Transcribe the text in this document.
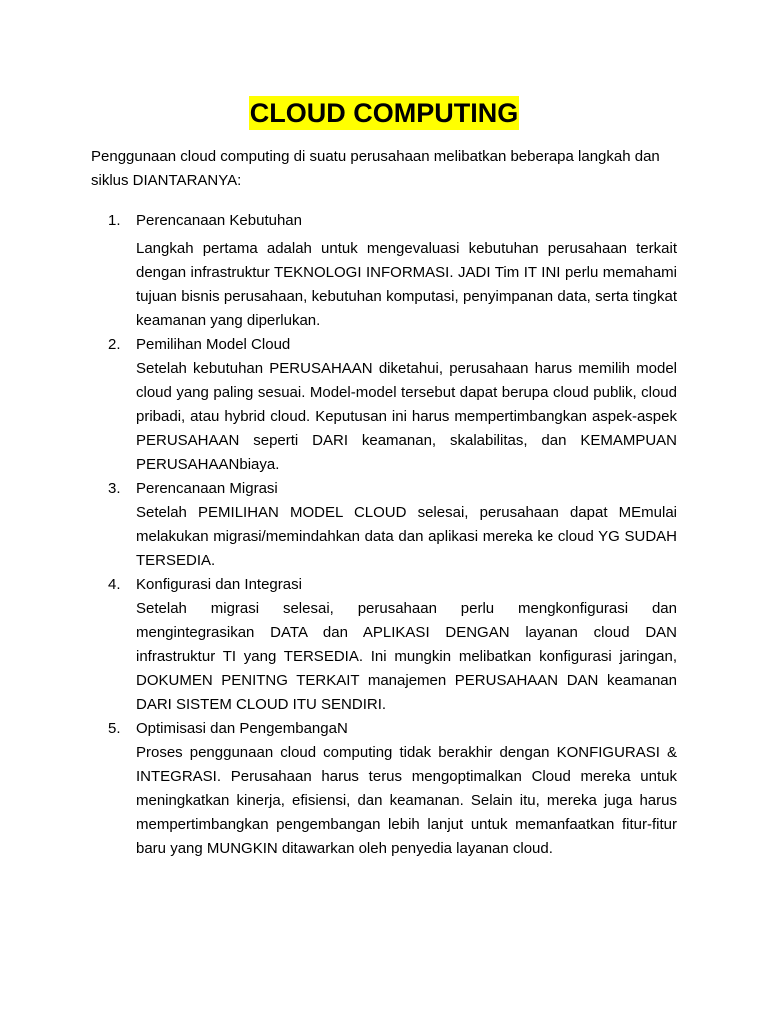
CLOUD COMPUTING

Penggunaan cloud computing di suatu perusahaan melibatkan beberapa langkah dan siklus DIANTARANYA:

1. Perencanaan Kebutuhan
Langkah pertama adalah untuk mengevaluasi kebutuhan perusahaan terkait dengan infrastruktur TEKNOLOGI INFORMASI. JADI Tim IT INI perlu memahami tujuan bisnis perusahaan, kebutuhan komputasi, penyimpanan data, serta tingkat keamanan yang diperlukan.
2. Pemilihan Model Cloud
Setelah kebutuhan PERUSAHAAN diketahui, perusahaan harus memilih model cloud yang paling sesuai. Model-model tersebut dapat berupa cloud publik, cloud pribadi, atau hybrid cloud. Keputusan ini harus mempertimbangkan aspek-aspek PERUSAHAAN seperti DARI keamanan, skalabilitas, dan KEMAMPUAN PERUSAHAANbiaya.
3. Perencanaan Migrasi
Setelah PEMILIHAN MODEL CLOUD selesai, perusahaan dapat MEmulai melakukan migrasi/memindahkan data dan aplikasi mereka ke cloud YG SUDAH TERSEDIA.
4. Konfigurasi dan Integrasi
Setelah migrasi selesai, perusahaan perlu mengkonfigurasi dan mengintegrasikan DATA dan APLIKASI DENGAN layanan cloud DAN infrastruktur TI yang TERSEDIA. Ini mungkin melibatkan konfigurasi jaringan, DOKUMEN PENITNG TERKAIT manajemen PERUSAHAAN DAN keamanan DARI SISTEM CLOUD ITU SENDIRI.
5. Optimisasi dan PengembangaN
Proses penggunaan cloud computing tidak berakhir dengan KONFIGURASI & INTEGRASI. Perusahaan harus terus mengoptimalkan Cloud mereka untuk meningkatkan kinerja, efisiensi, dan keamanan. Selain itu, mereka juga harus mempertimbangkan pengembangan lebih lanjut untuk memanfaatkan fitur-fitur baru yang MUNGKIN ditawarkan oleh penyedia layanan cloud.
